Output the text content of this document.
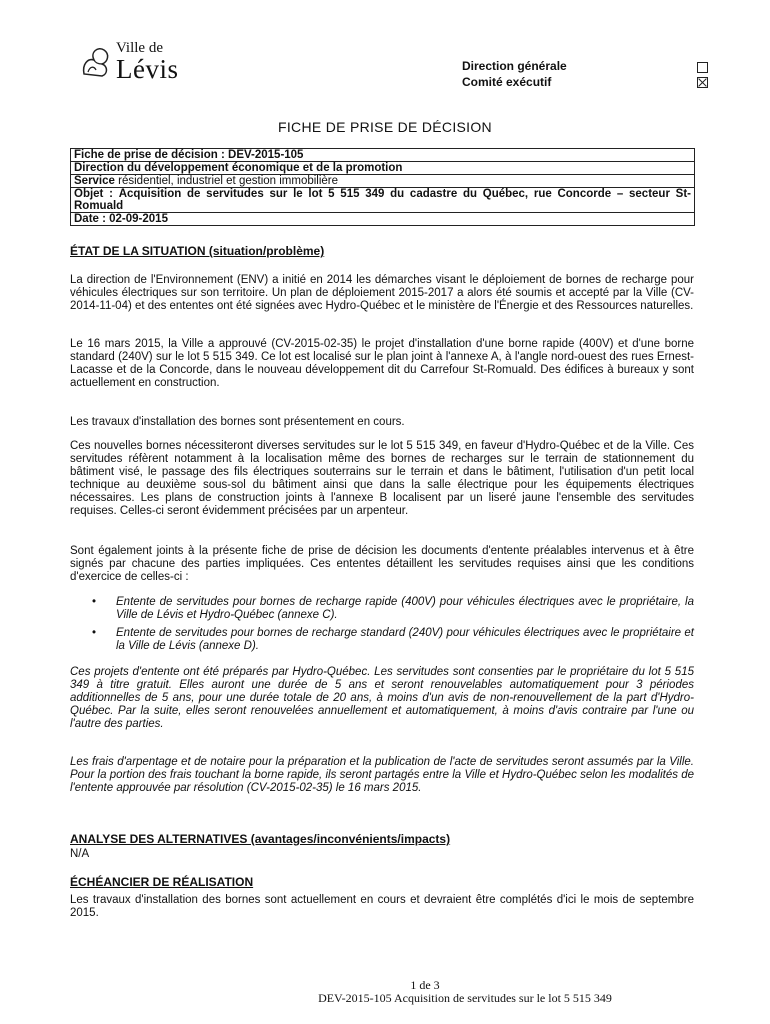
Ville de
Lévis	Direction générale
Comité exécutif
FICHE DE PRISE DE DÉCISION
Fiche de prise de décision : DEV-2015-105
Direction du développement économique et de la promotion
Service résidentiel, industriel et gestion immobilière
Objet : Acquisition de servitudes sur le lot 5 515 349 du cadastre du Québec, rue Concorde – secteur St-Romuald
Date : 02-09-2015
ÉTAT DE LA SITUATION (situation/problème)
La direction de l'Environnement (ENV) a initié en 2014 les démarches visant le déploiement de bornes de recharge pour véhicules électriques sur son territoire. Un plan de déploiement 2015-2017 a alors été soumis et accepté par la Ville (CV-2014-11-04) et des ententes ont été signées avec Hydro-Québec et le ministère de l'Énergie et des Ressources naturelles.
Le 16 mars 2015, la Ville a approuvé (CV-2015-02-35) le projet d'installation d'une borne rapide (400V) et d'une borne standard (240V) sur le lot 5 515 349. Ce lot est localisé sur le plan joint à l'annexe A, à l'angle nord-ouest des rues Ernest-Lacasse et de la Concorde, dans le nouveau développement dit du Carrefour St-Romuald. Des édifices à bureaux y sont actuellement en construction.
Les travaux d'installation des bornes sont présentement en cours.
Ces nouvelles bornes nécessiteront diverses servitudes sur le lot 5 515 349, en faveur d'Hydro-Québec et de la Ville. Ces servitudes réfèrent notamment à la localisation même des bornes de recharges sur le terrain de stationnement du bâtiment visé, le passage des fils électriques souterrains sur le terrain et dans le bâtiment, l'utilisation d'un petit local technique au deuxième sous-sol du bâtiment ainsi que dans la salle électrique pour les équipements électriques nécessaires. Les plans de construction joints à l'annexe B localisent par un liseré jaune l'ensemble des servitudes requises. Celles-ci seront évidemment précisées par un arpenteur.
Sont également joints à la présente fiche de prise de décision les documents d'entente préalables intervenus et à être signés par chacune des parties impliquées. Ces ententes détaillent les servitudes requises ainsi que les conditions d'exercice de celles-ci :
• Entente de servitudes pour bornes de recharge rapide (400V) pour véhicules électriques avec le propriétaire, la Ville de Lévis et Hydro-Québec (annexe C).
• Entente de servitudes pour bornes de recharge standard (240V) pour véhicules électriques avec le propriétaire et la Ville de Lévis (annexe D).
Ces projets d'entente ont été préparés par Hydro-Québec. Les servitudes sont consenties par le propriétaire du lot 5 515 349 à titre gratuit. Elles auront une durée de 5 ans et seront renouvelables automatiquement pour 3 périodes additionnelles de 5 ans, pour une durée totale de 20 ans, à moins d'un avis de non-renouvellement de la part d'Hydro-Québec. Par la suite, elles seront renouvelées annuellement et automatiquement, à moins d'avis contraire par l'une ou l'autre des parties.
Les frais d'arpentage et de notaire pour la préparation et la publication de l'acte de servitudes seront assumés par la Ville. Pour la portion des frais touchant la borne rapide, ils seront partagés entre la Ville et Hydro-Québec selon les modalités de l'entente approuvée par résolution (CV-2015-02-35) le 16 mars 2015.
ANALYSE DES ALTERNATIVES (avantages/inconvénients/impacts)
N/A
ÉCHÉANCIER DE RÉALISATION
Les travaux d'installation des bornes sont actuellement en cours et devraient être complétés d'ici le mois de septembre 2015.
1 de 3
DEV-2015-105 Acquisition de servitudes sur le lot 5 515 349
